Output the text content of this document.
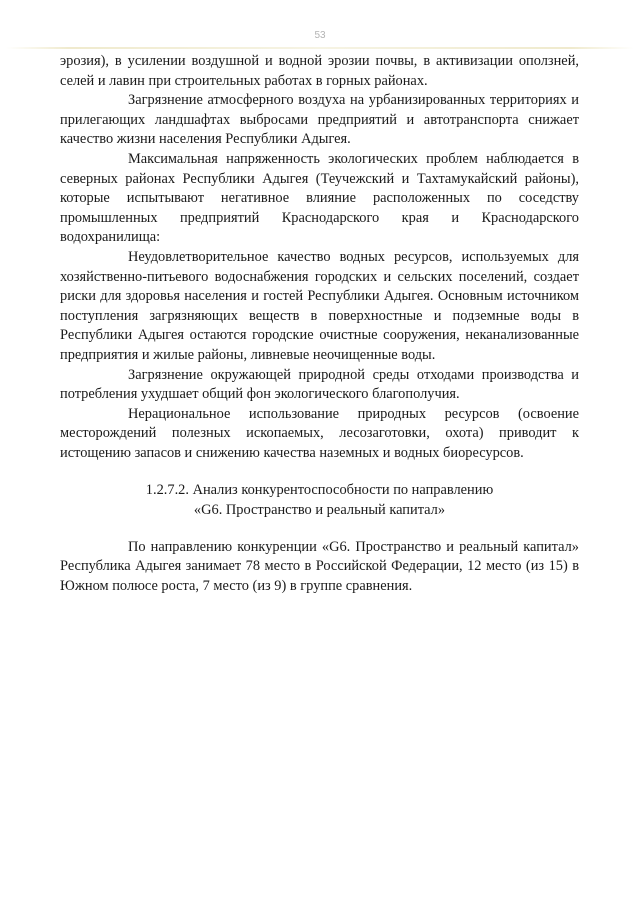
53

эрозия), в усилении воздушной и водной эрозии почвы, в активизации оползней, селей и лавин при строительных работах в горных районах.

Загрязнение атмосферного воздуха на урбанизированных территориях и прилегающих ландшафтах выбросами предприятий и автотранспорта снижает качество жизни населения Республики Адыгея.

Максимальная напряженность экологических проблем наблюдается в северных районах Республики Адыгея (Теучежский и Тахтамукайский районы), которые испытывают негативное влияние расположенных по соседству промышленных предприятий Краснодарского края и Краснодарского водохранилища:

Неудовлетворительное качество водных ресурсов, используемых для хозяйственно-питьевого водоснабжения городских и сельских поселений, создает риски для здоровья населения и гостей Республики Адыгея. Основным источником поступления загрязняющих веществ в поверхностные и подземные воды в Республики Адыгея остаются городские очистные сооружения, неканализованные предприятия и жилые районы, ливневые неочищенные воды.

Загрязнение окружающей природной среды отходами производства и потребления ухудшает общий фон экологического благополучия.

Нерациональное использование природных ресурсов (освоение месторождений полезных ископаемых, лесозаготовки, охота) приводит к истощению запасов и снижению качества наземных и водных биоресурсов.

1.2.7.2. Анализ конкурентоспособности по направлению
«G6. Пространство и реальный капитал»

По направлению конкуренции «G6. Пространство и реальный капитал» Республика Адыгея занимает 78 место в Российской Федерации, 12 место (из 15) в Южном полюсе роста, 7 место (из 9) в группе сравнения.
